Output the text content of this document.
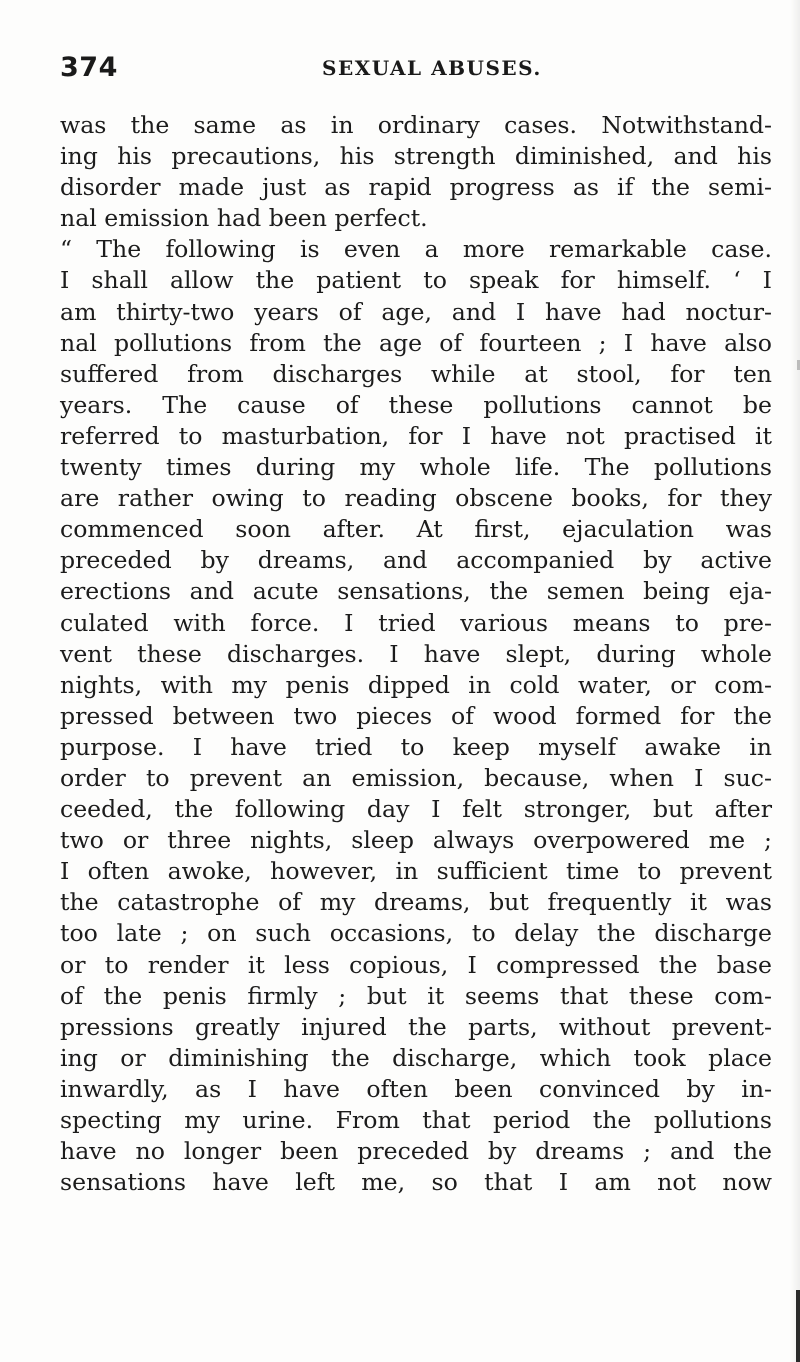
374	SEXUAL ABUSES.
was the same as in ordinary cases. Notwithstand-
ing his precautions, his strength diminished, and his
disorder made just as rapid progress as if the semi-
nal emission had been perfect.
“ The following is even a more remarkable case.
I shall allow the patient to speak for himself. ‘ I
am thirty-two years of age, and I have had noctur-
nal pollutions from the age of fourteen ; I have also
suffered from discharges while at stool, for ten
years. The cause of these pollutions cannot be
referred to masturbation, for I have not practised it
twenty times during my whole life. The pollutions
are rather owing to reading obscene books, for they
commenced soon after. At first, ejaculation was
preceded by dreams, and accompanied by active
erections and acute sensations, the semen being eja-
culated with force. I tried various means to pre-
vent these discharges. I have slept, during whole
nights, with my penis dipped in cold water, or com-
pressed between two pieces of wood formed for the
purpose. I have tried to keep myself awake in
order to prevent an emission, because, when I suc-
ceeded, the following day I felt stronger, but after
two or three nights, sleep always overpowered me ;
I often awoke, however, in sufficient time to prevent
the catastrophe of my dreams, but frequently it was
too late ; on such occasions, to delay the discharge
or to render it less copious, I compressed the base
of the penis firmly ; but it seems that these com-
pressions greatly injured the parts, without prevent-
ing or diminishing the discharge, which took place
inwardly, as I have often been convinced by in-
specting my urine. From that period the pollutions
have no longer been preceded by dreams ; and the
sensations have left me, so that I am not now
